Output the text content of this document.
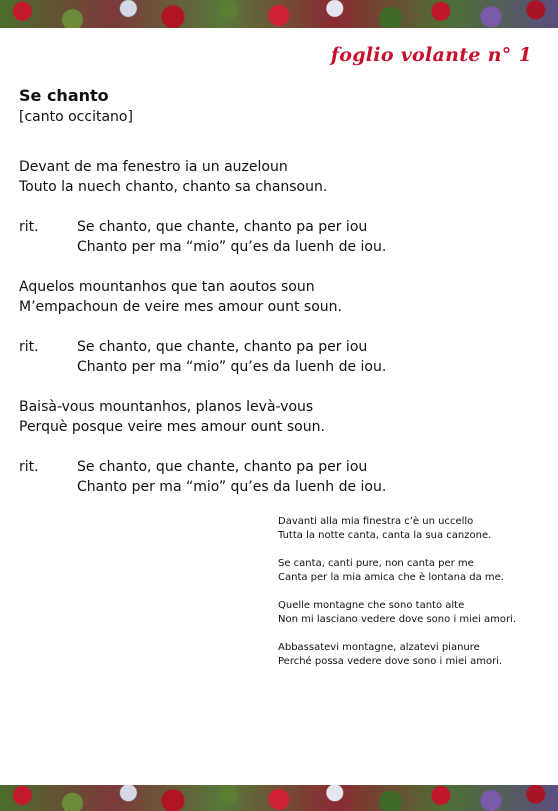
foglio volante n° 1
Se chanto
[canto occitano]
Devant de ma fenestro ia un auzeloun
Touto la nuech chanto, chanto sa chansoun.
rit.	Se chanto, que chante, chanto pa per iou
Chanto per ma “mio” qu’es da luenh de iou.
Aquelos mountanhos que tan aoutos soun
M’empachoun de veire mes amour ount soun.
rit.	Se chanto, que chante, chanto pa per iou
Chanto per ma “mio” qu’es da luenh de iou.
Baisà-vous mountanhos, planos levà-vous
Perquè posque veire mes amour ount soun.
rit.	Se chanto, que chante, chanto pa per iou
Chanto per ma “mio” qu’es da luenh de iou.
Davanti alla mia finestra c’è un uccello
Tutta la notte canta, canta la sua canzone.
Se canta, canti pure, non canta per me
Canta per la mia amica che è lontana da me.
Quelle montagne che sono tanto alte
Non mi lasciano vedere dove sono i miei amori.
Abbassatevi montagne, alzatevi pianure
Perché possa vedere dove sono i miei amori.
